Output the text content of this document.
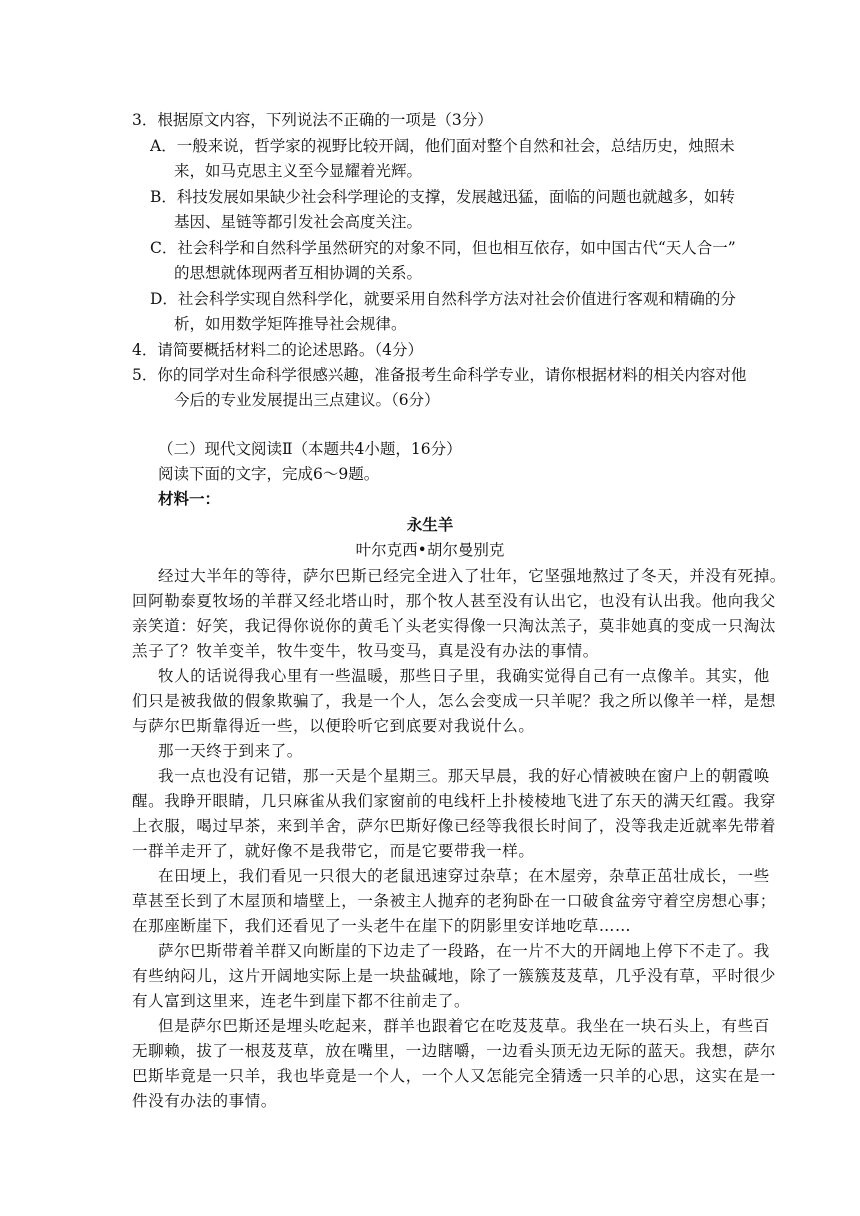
3．根据原文内容，下列说法不正确的一项是（3分）
A．一般来说，哲学家的视野比较开阔，他们面对整个自然和社会，总结历史，烛照未
来，如马克思主义至今显耀着光辉。
B．科技发展如果缺少社会科学理论的支撑，发展越迅猛，面临的问题也就越多，如转
基因、星链等都引发社会高度关注。
C．社会科学和自然科学虽然研究的对象不同，但也相互依存，如中国古代“天人合一”
的思想就体现两者互相协调的关系。
D．社会科学实现自然科学化，就要采用自然科学方法对社会价值进行客观和精确的分
析，如用数学矩阵推导社会规律。
4．请简要概括材料二的论述思路。（4分）
5．你的同学对生命科学很感兴趣，准备报考生命科学专业，请你根据材料的相关内容对他
今后的专业发展提出三点建议。（6分）
（二）现代文阅读Ⅱ（本题共4小题，16分）
阅读下面的文字，完成6～9题。
材料一：
永生羊
叶尔克西•胡尔曼别克
经过大半年的等待，萨尔巴斯已经完全进入了壮年，它坚强地熬过了冬天，并没有死掉。
回阿勒泰夏牧场的羊群又经北塔山时，那个牧人甚至没有认出它，也没有认出我。他向我父
亲笑道：好笑，我记得你说你的黄毛丫头老实得像一只淘汰羔子，莫非她真的变成一只淘汰
羔子了？牧羊变羊，牧牛变牛，牧马变马，真是没有办法的事情。
牧人的话说得我心里有一些温暖，那些日子里，我确实觉得自己有一点像羊。其实，他
们只是被我做的假象欺骗了，我是一个人，怎么会变成一只羊呢？我之所以像羊一样，是想
与萨尔巴斯靠得近一些，以便聆听它到底要对我说什么。
那一天终于到来了。
我一点也没有记错，那一天是个星期三。那天早晨，我的好心情被映在窗户上的朝霞唤
醒。我睁开眼睛，几只麻雀从我们家窗前的电线杆上扑棱棱地飞进了东天的满天红霞。我穿
上衣服，喝过早茶，来到羊舍，萨尔巴斯好像已经等我很长时间了，没等我走近就率先带着
一群羊走开了，就好像不是我带它，而是它要带我一样。
在田埂上，我们看见一只很大的老鼠迅速穿过杂草；在木屋旁，杂草正茁壮成长，一些
草甚至长到了木屋顶和墙壁上，一条被主人抛弃的老狗卧在一口破食盆旁守着空房想心事；
在那座断崖下，我们还看见了一头老牛在崖下的阴影里安详地吃草……
萨尔巴斯带着羊群又向断崖的下边走了一段路，在一片不大的开阔地上停下不走了。我
有些纳闷儿，这片开阔地实际上是一块盐碱地，除了一簇簇芨芨草，几乎没有草，平时很少
有人富到这里来，连老牛到崖下都不往前走了。
但是萨尔巴斯还是埋头吃起来，群羊也跟着它在吃芨芨草。我坐在一块石头上，有些百
无聊赖，拔了一根芨芨草，放在嘴里，一边瞎嚼，一边看头顶无边无际的蓝天。我想，萨尔
巴斯毕竟是一只羊，我也毕竟是一个人，一个人又怎能完全猜透一只羊的心思，这实在是一
件没有办法的事情。
